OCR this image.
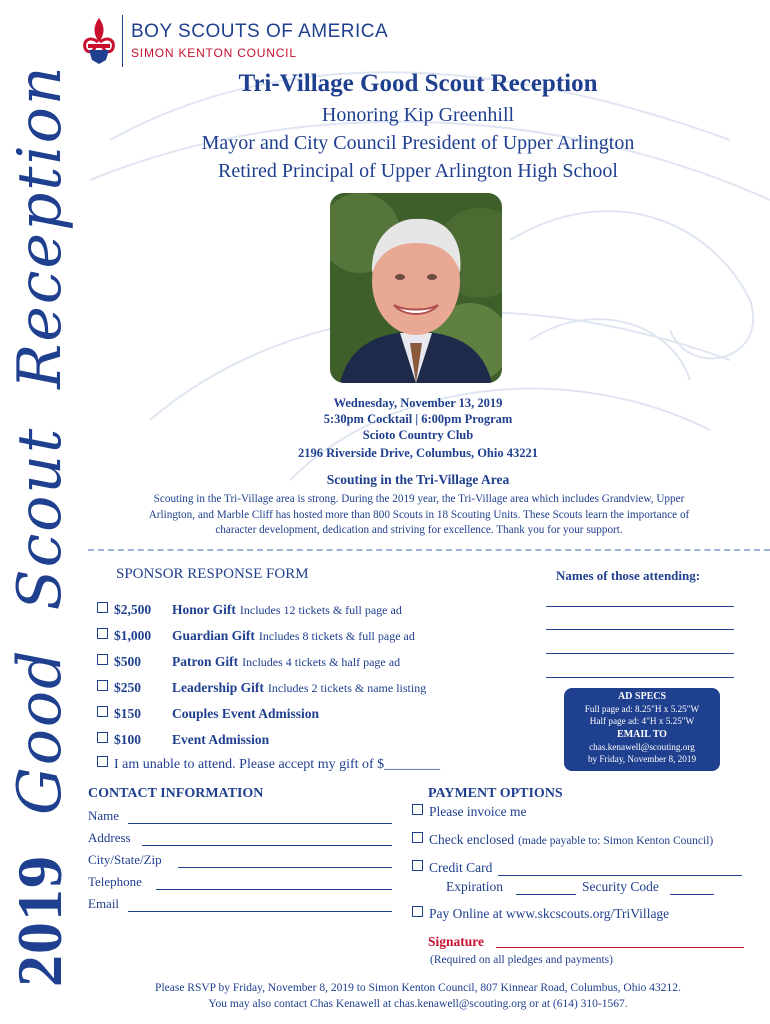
2019
Good
Scout
Reception
BOY SCOUTS OF AMERICA
SIMON KENTON COUNCIL
Tri-Village Good Scout Reception
Honoring Kip Greenhill
Mayor and City Council President of Upper Arlington
Retired Principal of Upper Arlington High School
Wednesday, November 13, 2019
5:30pm Cocktail | 6:00pm Program
Scioto Country Club
2196 Riverside Drive, Columbus, Ohio 43221
Scouting in the Tri-Village Area
Scouting in the Tri-Village area is strong. During the 2019 year, the Tri-Village area which includes Grandview, Upper
Arlington, and Marble Cliff has hosted more than 800 Scouts in 18 Scouting Units. These Scouts learn the importance of
character development, dedication and striving for excellence. Thank you for your support.
SPONSOR RESPONSE FORM	Names of those attending:
$2,500	Honor Gift Includes 12 tickets & full page ad
$1,000	Guardian Gift Includes 8 tickets & full page ad
$500	Patron Gift Includes 4 tickets & half page ad
$250	Leadership Gift Includes 2 tickets & name listing
$150	Couples Event Admission
$100	Event Admission
I am unable to attend. Please accept my gift of $________
AD SPECS
Full page ad: 8.25"H x 5.25"W
Half page ad: 4"H x 5.25"W
EMAIL TO
chas.kenawell@scouting.org
by Friday, November 8, 2019
CONTACT INFORMATION
Name
Address
City/State/Zip
Telephone
Email
PAYMENT OPTIONS
Please invoice me
Check enclosed (made payable to: Simon Kenton Council)
Credit Card
Expiration	Security Code
Pay Online at www.skcscouts.org/TriVillage
Signature
(Required on all pledges and payments)
Please RSVP by Friday, November 8, 2019 to Simon Kenton Council, 807 Kinnear Road, Columbus, Ohio 43212.
You may also contact Chas Kenawell at chas.kenawell@scouting.org or at (614) 310-1567.
